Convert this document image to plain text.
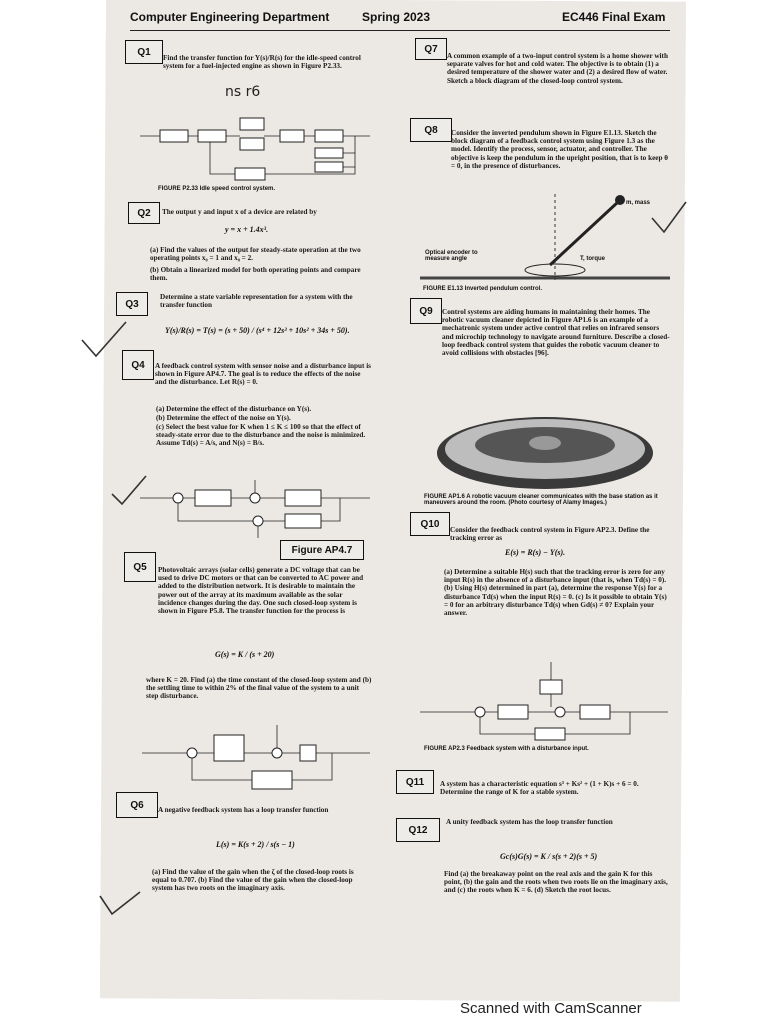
Computer Engineering Department	Spring 2023	EC446 Final Exam
Q1
Find the transfer function for Y(s)/R(s) for the idle-speed control system for a fuel-injected engine as shown in Figure P2.33.
ns r6
FIGURE P2.33 Idle speed control system.
Q2	The output y and input x of a device are related by
y = x + 1.4x³.
(a) Find the values of the output for steady-state operation at the two operating points x₀ = 1 and x₀ = 2.
(b) Obtain a linearized model for both operating points and compare them.
Q3
Determine a state variable representation for a system with the transfer function
Y(s)/R(s) = T(s) = (s + 50) / (s⁴ + 12s³ + 10s² + 34s + 50).
Q4	A feedback control system with sensor noise and a disturbance input is shown in Figure AP4.7. The goal is to reduce the effects of the noise and the disturbance. Let R(s) = 0.
(a) Determine the effect of the disturbance on Y(s).
(b) Determine the effect of the noise on Y(s).
(c) Select the best value for K when 1 ≤ K ≤ 100 so that the effect of steady-state error due to the disturbance and the noise is minimized. Assume Td(s) = A/s, and N(s) = B/s.
Figure AP4.7
Q5	Photovoltaic arrays (solar cells) generate a DC voltage that can be used to drive DC motors or that can be converted to AC power and added to the distribution network. It is desirable to maintain the power out of the array at its maximum available as the solar incidence changes during the day. One such closed-loop system is shown in Figure P5.8. The transfer function for the process is
G(s) = K / (s + 20)
where K = 20. Find (a) the time constant of the closed-loop system and (b) the settling time to within 2% of the final value of the system to a unit step disturbance.
Q6	A negative feedback system has a loop transfer function
L(s) = K(s + 2) / s(s − 1)
(a) Find the value of the gain when the ζ of the closed-loop roots is equal to 0.707. (b) Find the value of the gain when the closed-loop system has two roots on the imaginary axis.
Q7
A common example of a two-input control system is a home shower with separate valves for hot and cold water. The objective is to obtain (1) a desired temperature of the shower water and (2) a desired flow of water. Sketch a block diagram of the closed-loop control system.
Q8	Consider the inverted pendulum shown in Figure E1.13. Sketch the block diagram of a feedback control system using Figure 1.3 as the model. Identify the process, sensor, actuator, and controller. The objective is keep the pendulum in the upright position, that is to keep θ = 0, in the presence of disturbances.
Optical encoder to measure angle	T, torque
m, mass
FIGURE E1.13 Inverted pendulum control.
Q9	Control systems are aiding humans in maintaining their homes. The robotic vacuum cleaner depicted in Figure AP1.6 is an example of a mechatronic system under active control that relies on infrared sensors and microchip technology to navigate around furniture. Describe a closed-loop feedback control system that guides the robotic vacuum cleaner to avoid collisions with obstacles [96].
FIGURE AP1.6 A robotic vacuum cleaner communicates with the base station as it maneuvers around the room. (Photo courtesy of Alamy Images.)
Q10
Consider the feedback control system in Figure AP2.3. Define the tracking error as
E(s) = R(s) − Y(s).
(a) Determine a suitable H(s) such that the tracking error is zero for any input R(s) in the absence of a disturbance input (that is, when Td(s) = 0). (b) Using H(s) determined in part (a), determine the response Y(s) for a disturbance Td(s) when the input R(s) = 0. (c) Is it possible to obtain Y(s) = 0 for an arbitrary disturbance Td(s) when Gd(s) ≠ 0? Explain your answer.
FIGURE AP2.3 Feedback system with a disturbance input.
Q11	A system has a characteristic equation s³ + Ks² + (1 + K)s + 6 = 0. Determine the range of K for a stable system.
Q12
A unity feedback system has the loop transfer function
Gc(s)G(s) = K / s(s + 2)(s + 5)
Find (a) the breakaway point on the real axis and the gain K for this point, (b) the gain and the roots when two roots lie on the imaginary axis, and (c) the roots when K = 6. (d) Sketch the root locus.
Scanned with CamScanner
